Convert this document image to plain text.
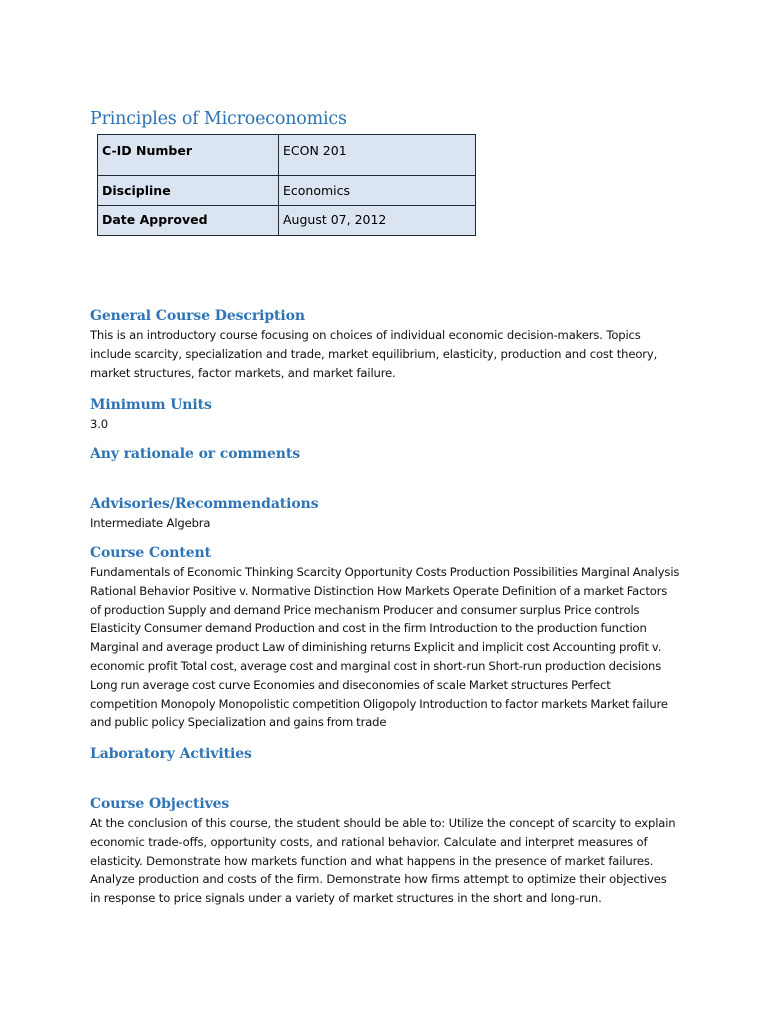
Principles of Microeconomics
C-ID Number	ECON 201
Discipline	Economics
Date Approved	August 07, 2012
General Course Description

This is an introductory course focusing on choices of individual economic decision-makers. Topics include scarcity, specialization and trade, market equilibrium, elasticity, production and cost theory, market structures, factor markets, and market failure.

Minimum Units

3.0

Any rationale or comments
Advisories/Recommendations

Intermediate Algebra

Course Content

Fundamentals of Economic Thinking Scarcity Opportunity Costs Production Possibilities Marginal Analysis Rational Behavior Positive v. Normative Distinction How Markets Operate Definition of a market Factors of production Supply and demand Price mechanism Producer and consumer surplus Price controls Elasticity Consumer demand Production and cost in the firm Introduction to the production function Marginal and average product Law of diminishing returns Explicit and implicit cost Accounting profit v. economic profit Total cost, average cost and marginal cost in short-run Short-run production decisions Long run average cost curve Economies and diseconomies of scale Market structures Perfect competition Monopoly Monopolistic competition Oligopoly Introduction to factor markets Market failure and public policy Specialization and gains from trade

Laboratory Activities
Course Objectives

At the conclusion of this course, the student should be able to: Utilize the concept of scarcity to explain economic trade-offs, opportunity costs, and rational behavior. Calculate and interpret measures of elasticity. Demonstrate how markets function and what happens in the presence of market failures. Analyze production and costs of the firm. Demonstrate how firms attempt to optimize their objectives in response to price signals under a variety of market structures in the short and long-run.
